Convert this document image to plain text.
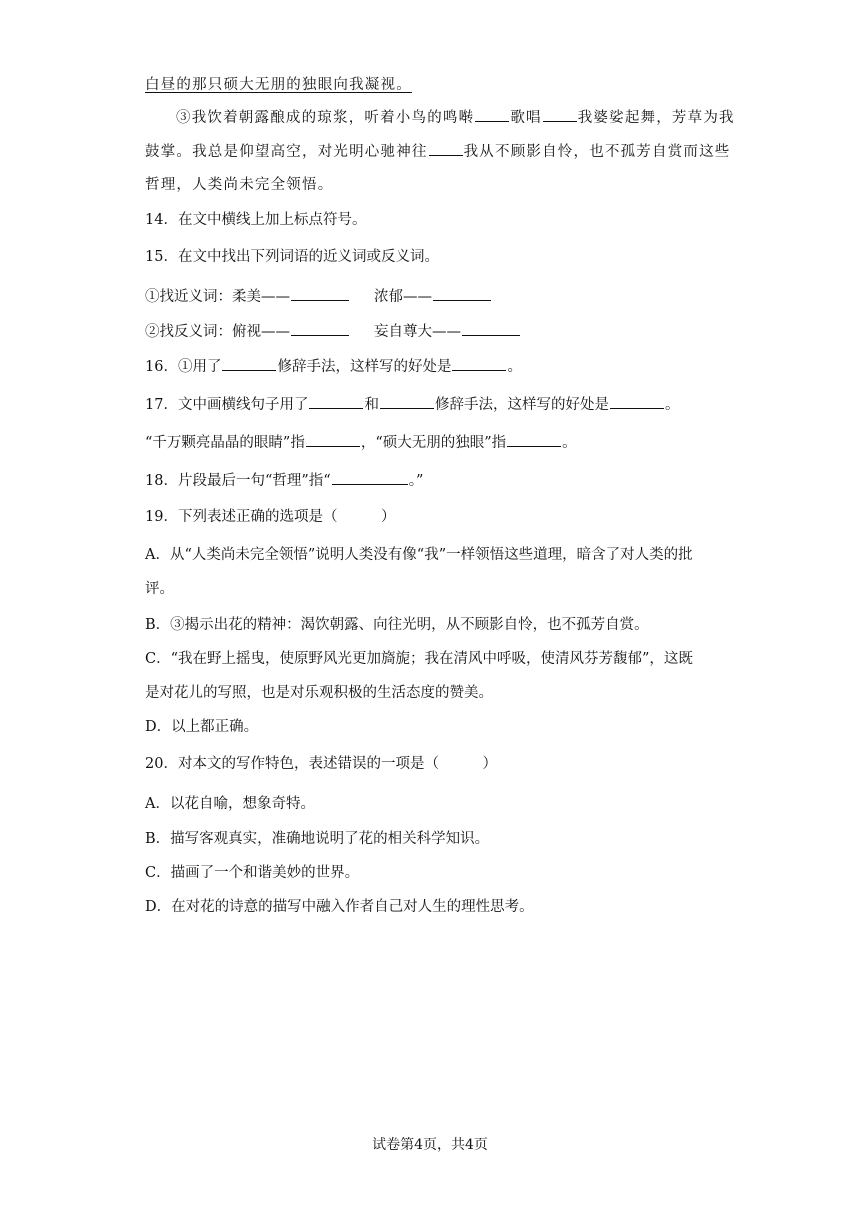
白昼的那只硕大无朋的独眼向我凝视。
③我饮着朝露酿成的琼浆，听着小鸟的鸣啭 歌唱 我婆娑起舞，芳草为我
鼓掌。我总是仰望高空，对光明心驰神往 我从不顾影自怜，也不孤芳自赏而这些
哲理，人类尚未完全领悟。
14．在文中横线上加上标点符号。
15．在文中找出下列词语的近义词或反义词。
①找近义词：柔美——	浓郁——
②找反义词：俯视——	妄自尊大——
16．①用了	修辞手法，这样写的好处是	。
17．文中画横线句子用了	和	修辞手法，这样写的好处是	。
“千万颗亮晶晶的眼睛”指	，“硕大无朋的独眼”指	。
18．片段最后一句“哲理”指“	。”
19．下列表述正确的选项是（　　　）
A．从“人类尚未完全领悟”说明人类没有像“我”一样领悟这些道理，暗含了对人类的批
评。
B．③揭示出花的精神：渴饮朝露、向往光明，从不顾影自怜，也不孤芳自赏。
C．“我在野上摇曳，使原野风光更加旖旎；我在清风中呼吸，使清风芬芳馥郁”，这既
是对花儿的写照，也是对乐观积极的生活态度的赞美。
D．以上都正确。
20．对本文的写作特色，表述错误的一项是（　　　）
A．以花自喻，想象奇特。
B．描写客观真实，准确地说明了花的相关科学知识。
C．描画了一个和谐美妙的世界。
D．在对花的诗意的描写中融入作者自己对人生的理性思考。
试卷第4页，共4页
